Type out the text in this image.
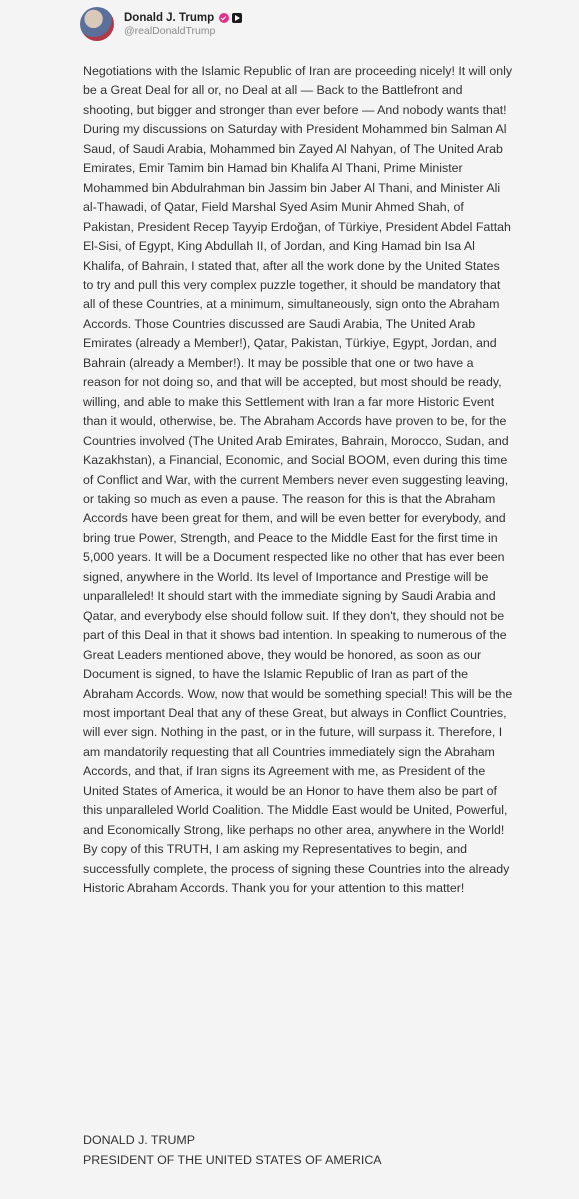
Donald J. Trump
@realDonaldTrump
Negotiations with the Islamic Republic of Iran are proceeding nicely! It will only be a Great Deal for all or, no Deal at all — Back to the Battlefront and shooting, but bigger and stronger than ever before — And nobody wants that! During my discussions on Saturday with President Mohammed bin Salman Al Saud, of Saudi Arabia, Mohammed bin Zayed Al Nahyan, of The United Arab Emirates, Emir Tamim bin Hamad bin Khalifa Al Thani, Prime Minister Mohammed bin Abdulrahman bin Jassim bin Jaber Al Thani, and Minister Ali al-Thawadi, of Qatar, Field Marshal Syed Asim Munir Ahmed Shah, of Pakistan, President Recep Tayyip Erdoğan, of Türkiye, President Abdel Fattah El-Sisi, of Egypt, King Abdullah II, of Jordan, and King Hamad bin Isa Al Khalifa, of Bahrain, I stated that, after all the work done by the United States to try and pull this very complex puzzle together, it should be mandatory that all of these Countries, at a minimum, simultaneously, sign onto the Abraham Accords. Those Countries discussed are Saudi Arabia, The United Arab Emirates (already a Member!), Qatar, Pakistan, Türkiye, Egypt, Jordan, and Bahrain (already a Member!). It may be possible that one or two have a reason for not doing so, and that will be accepted, but most should be ready, willing, and able to make this Settlement with Iran a far more Historic Event than it would, otherwise, be. The Abraham Accords have proven to be, for the Countries involved (The United Arab Emirates, Bahrain, Morocco, Sudan, and Kazakhstan), a Financial, Economic, and Social BOOM, even during this time of Conflict and War, with the current Members never even suggesting leaving, or taking so much as even a pause. The reason for this is that the Abraham Accords have been great for them, and will be even better for everybody, and bring true Power, Strength, and Peace to the Middle East for the first time in 5,000 years. It will be a Document respected like no other that has ever been signed, anywhere in the World. Its level of Importance and Prestige will be unparalleled! It should start with the immediate signing by Saudi Arabia and Qatar, and everybody else should follow suit. If they don't, they should not be part of this Deal in that it shows bad intention. In speaking to numerous of the Great Leaders mentioned above, they would be honored, as soon as our Document is signed, to have the Islamic Republic of Iran as part of the Abraham Accords. Wow, now that would be something special! This will be the most important Deal that any of these Great, but always in Conflict Countries, will ever sign. Nothing in the past, or in the future, will surpass it. Therefore, I am mandatorily requesting that all Countries immediately sign the Abraham Accords, and that, if Iran signs its Agreement with me, as President of the United States of America, it would be an Honor to have them also be part of this unparalleled World Coalition. The Middle East would be United, Powerful, and Economically Strong, like perhaps no other area, anywhere in the World! By copy of this TRUTH, I am asking my Representatives to begin, and successfully complete, the process of signing these Countries into the already Historic Abraham Accords. Thank you for your attention to this matter!
DONALD J. TRUMP
PRESIDENT OF THE UNITED STATES OF AMERICA
